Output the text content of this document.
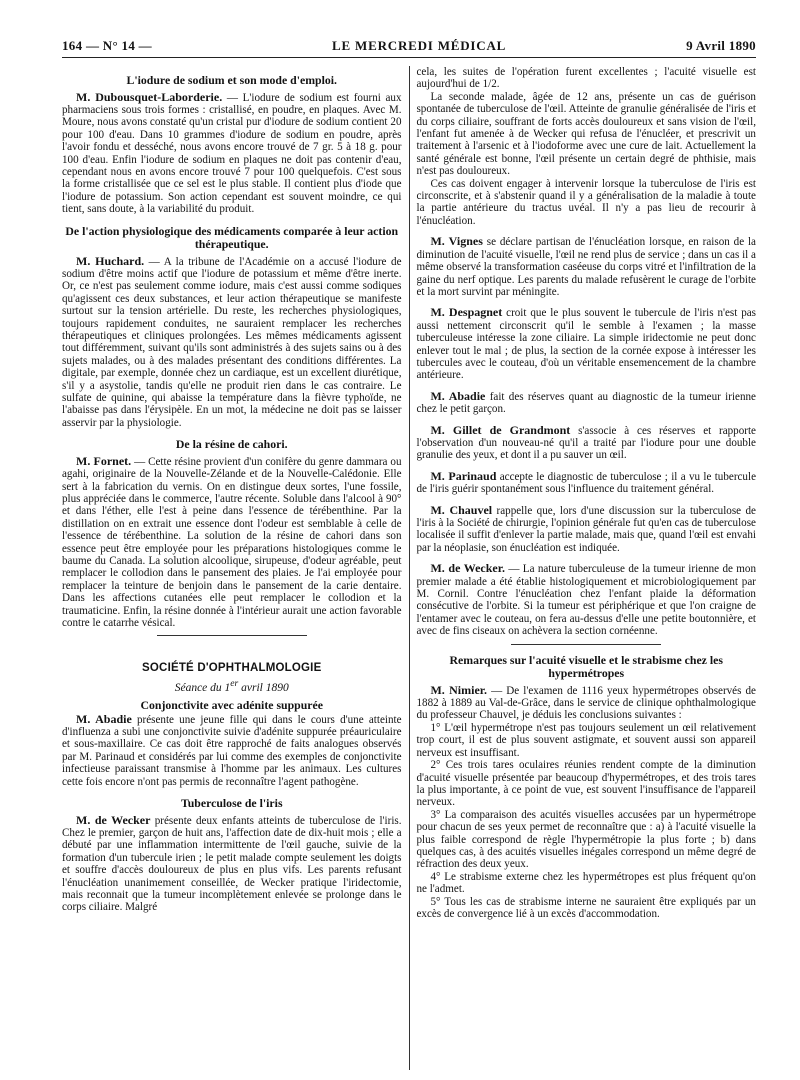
164 — N° 14 —	LE MERCREDI MÉDICAL	9 Avril 1890
L'iodure de sodium et son mode d'emploi.

M. Dubousquet-Laborderie. — L'iodure de sodium est fourni aux pharmaciens sous trois formes : cristallisé, en poudre, en plaques. Avec M. Moure, nous avons constaté qu'un cristal pur d'iodure de sodium contient 20 pour 100 d'eau. Dans 10 grammes d'iodure de sodium en poudre, après l'avoir fondu et desséché, nous avons encore trouvé de 7 gr. 5 à 18 g. pour 100 d'eau. Enfin l'iodure de sodium en plaques ne doit pas contenir d'eau, cependant nous en avons encore trouvé 7 pour 100 quelquefois. C'est sous la forme cristallisée que ce sel est le plus stable. Il contient plus d'iode que l'iodure de potassium. Son action cependant est souvent moindre, ce qui tient, sans doute, à la variabilité du produit.

De l'action physiologique des médicaments comparée à leur action thérapeutique.

M. Huchard. — A la tribune de l'Académie on a accusé l'iodure de sodium d'être moins actif que l'iodure de potassium et même d'être inerte. Or, ce n'est pas seulement comme iodure, mais c'est aussi comme sodiques qu'agissent ces deux substances, et leur action thérapeutique se manifeste surtout sur la tension artérielle. Du reste, les recherches physiologiques, toujours rapidement conduites, ne sauraient remplacer les recherches thérapeutiques et cliniques prolongées. Les mêmes médicaments agissent tout différemment, suivant qu'ils sont administrés à des sujets sains ou à des sujets malades, ou à des malades présentant des conditions différentes. La digitale, par exemple, donnée chez un cardiaque, est un excellent diurétique, s'il y a asystolie, tandis qu'elle ne produit rien dans le cas contraire. Le sulfate de quinine, qui abaisse la température dans la fièvre typhoïde, ne l'abaisse pas dans l'érysipèle. En un mot, la médecine ne doit pas se laisser asservir par la physiologie.

De la résine de cahori.

M. Fornet. — Cette résine provient d'un conifère du genre dammara ou agahi, originaire de la Nouvelle-Zélande et de la Nouvelle-Calédonie. Elle sert à la fabrication du vernis. On en distingue deux sortes, l'une fossile, plus appréciée dans le commerce, l'autre récente. Soluble dans l'alcool à 90° et dans l'éther, elle l'est à peine dans l'essence de térébenthine. Par la distillation on en extrait une essence dont l'odeur est semblable à celle de l'essence de térébenthine. La solution de la résine de cahori dans son essence peut être employée pour les préparations histologiques comme le baume du Canada. La solution alcoolique, sirupeuse, d'odeur agréable, peut remplacer le collodion dans le pansement des plaies. Je l'ai employée pour remplacer la teinture de benjoin dans le pansement de la carie dentaire. Dans les affections cutanées elle peut remplacer le collodion et la traumaticine. Enfin, la résine donnée à l'intérieur aurait une action favorable contre le catarrhe vésical.

SOCIÉTÉ D'OPHTHALMOLOGIE
Séance du 1er avril 1890
Conjonctivite avec adénite suppurée

M. Abadie présente une jeune fille qui dans le cours d'une atteinte d'influenza a subi une conjonctivite suivie d'adénite suppurée préauriculaire et sous-maxillaire. Ce cas doit être rapproché de faits analogues observés par M. Parinaud et considérés par lui comme des exemples de conjonctivite infectieuse paraissant transmise à l'homme par les animaux. Les cultures cette fois encore n'ont pas permis de reconnaître l'agent pathogène.

Tuberculose de l'iris

M. de Wecker présente deux enfants atteints de tuberculose de l'iris. Chez le premier, garçon de huit ans, l'affection date de dix-huit mois ; elle a débuté par une inflammation intermittente de l'œil gauche, suivie de la formation d'un tubercule irien ; le petit malade compte seulement les doigts et souffre d'accès douloureux de plus en plus vifs. Les parents refusant l'énucléation unanimement conseillée, de Wecker pratique l'iridectomie, mais reconnait que la tumeur incomplètement enlevée se prolonge dans le corps ciliaire. Malgré

cela, les suites de l'opération furent excellentes ; l'acuité visuelle est aujourd'hui de 1/2.

La seconde malade, âgée de 12 ans, présente un cas de guérison spontanée de tuberculose de l'œil. Atteinte de granulie généralisée de l'iris et du corps ciliaire, souffrant de forts accès douloureux et sans vision de l'œil, l'enfant fut amenée à de Wecker qui refusa de l'énucléer, et prescrivit un traitement à l'arsenic et à l'iodoforme avec une cure de lait. Actuellement la santé générale est bonne, l'œil présente un certain degré de phthisie, mais n'est pas douloureux.

Ces cas doivent engager à intervenir lorsque la tuberculose de l'iris est circonscrite, et à s'abstenir quand il y a généralisation de la maladie à toute la partie antérieure du tractus uvéal. Il n'y a pas lieu de recourir à l'énucléation.

M. Vignes se déclare partisan de l'énucléation lorsque, en raison de la diminution de l'acuité visuelle, l'œil ne rend plus de service ; dans un cas il a même observé la transformation caséeuse du corps vitré et l'infiltration de la gaine du nerf optique. Les parents du malade refusèrent le curage de l'orbite et la mort survint par méningite.

M. Despagnet croit que le plus souvent le tubercule de l'iris n'est pas aussi nettement circonscrit qu'il le semble à l'examen ; la masse tuberculeuse intéresse la zone ciliaire. La simple iridectomie ne peut donc enlever tout le mal ; de plus, la section de la cornée expose à intéresser les tubercules avec le couteau, d'où un véritable ensemencement de la chambre antérieure.

M. Abadie fait des réserves quant au diagnostic de la tumeur irienne chez le petit garçon.

M. Gillet de Grandmont s'associe à ces réserves et rapporte l'observation d'un nouveau-né qu'il a traité par l'iodure pour une double granulie des yeux, et dont il a pu sauver un œil.

M. Parinaud accepte le diagnostic de tuberculose ; il a vu le tubercule de l'iris guérir spontanément sous l'influence du traitement général.

M. Chauvel rappelle que, lors d'une discussion sur la tuberculose de l'iris à la Société de chirurgie, l'opinion générale fut qu'en cas de tuberculose localisée il suffit d'enlever la partie malade, mais que, quand l'œil est envahi par la néoplasie, son énucléation est indiquée.

M. de Wecker. — La nature tuberculeuse de la tumeur irienne de mon premier malade a été établie histologiquement et microbiologiquement par M. Cornil. Contre l'énucléation chez l'enfant plaide la déformation consécutive de l'orbite. Si la tumeur est périphérique et que l'on craigne de l'entamer avec le couteau, on fera au-dessus d'elle une petite boutonnière, et avec de fins ciseaux on achèvera la section cornéenne.

Remarques sur l'acuité visuelle et le strabisme chez les hypermétropes

M. Nimier. — De l'examen de 1116 yeux hypermétropes observés de 1882 à 1889 au Val-de-Grâce, dans le service de clinique ophthalmologique du professeur Chauvel, je déduis les conclusions suivantes :

1° L'œil hypermétrope n'est pas toujours seulement un œil relativement trop court, il est de plus souvent astigmate, et souvent aussi son appareil nerveux est insuffisant.

2° Ces trois tares oculaires réunies rendent compte de la diminution d'acuité visuelle présentée par beaucoup d'hypermétropes, et des trois tares la plus importante, à ce point de vue, est souvent l'insuffisance de l'appareil nerveux.

3° La comparaison des acuités visuelles accusées par un hypermétrope pour chacun de ses yeux permet de reconnaître que : a) à l'acuité visuelle la plus faible correspond de règle l'hypermétropie la plus forte ; b) dans quelques cas, à des acuités visuelles inégales correspond un même degré de réfraction des deux yeux.

4° Le strabisme externe chez les hypermétropes est plus fréquent qu'on ne l'admet.

5° Tous les cas de strabisme interne ne sauraient être expliqués par un excès de convergence lié à un excès d'accommodation.
